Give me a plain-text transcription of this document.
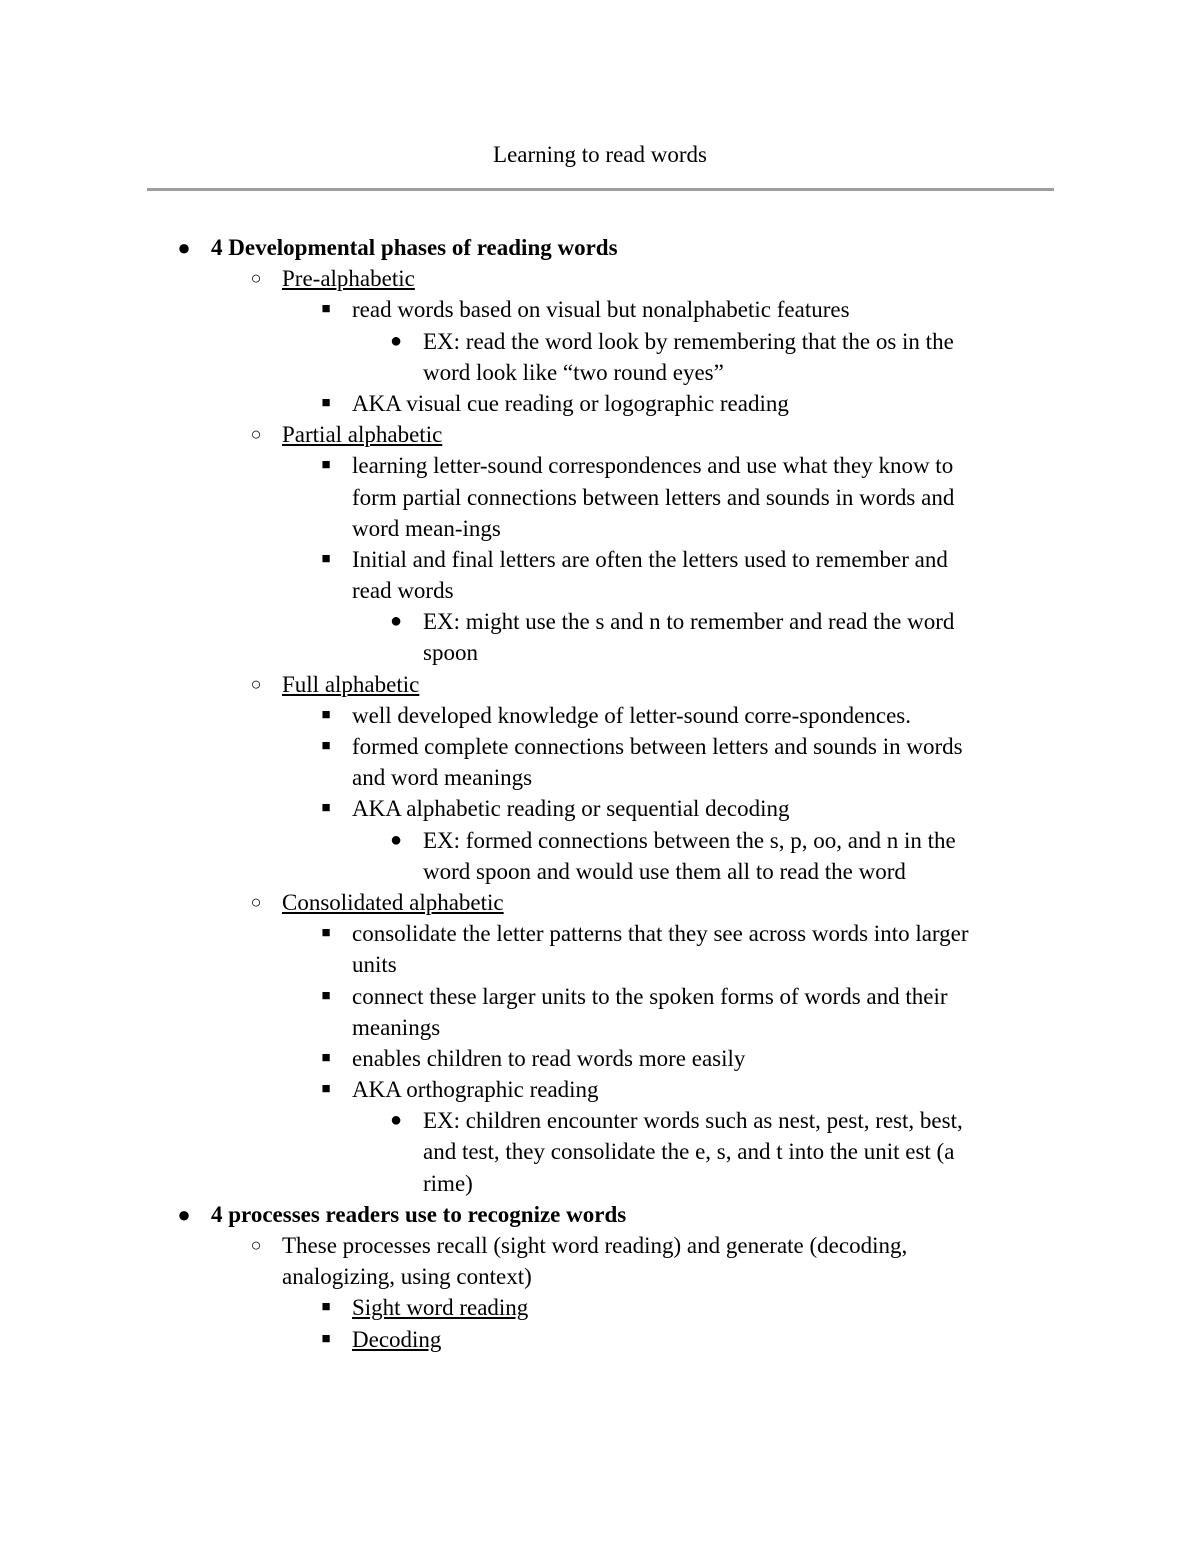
Learning to read words
● 4 Developmental phases of reading words
○ Pre-alphabetic
■ read words based on visual but nonalphabetic features
● EX: read the word look by remembering that the os in the
word look like “two round eyes”
■ AKA visual cue reading or logographic reading
○ Partial alphabetic
■ learning letter-sound correspondences and use what they know to
form partial connections between letters and sounds in words and
word mean-ings
■ Initial and final letters are often the letters used to remember and
read words
● EX: might use the s and n to remember and read the word
spoon
○ Full alphabetic
■ well developed knowledge of letter-sound corre-spondences.
■ formed complete connections between letters and sounds in words
and word meanings
■ AKA alphabetic reading or sequential decoding
● EX: formed connections between the s, p, oo, and n in the
word spoon and would use them all to read the word
○ Consolidated alphabetic
■ consolidate the letter patterns that they see across words into larger
units
■ connect these larger units to the spoken forms of words and their
meanings
■ enables children to read words more easily
■ AKA orthographic reading
● EX: children encounter words such as nest, pest, rest, best,
and test, they consolidate the e, s, and t into the unit est (a
rime)
● 4 processes readers use to recognize words
○ These processes recall (sight word reading) and generate (decoding,
analogizing, using context)
■ Sight word reading
■ Decoding
